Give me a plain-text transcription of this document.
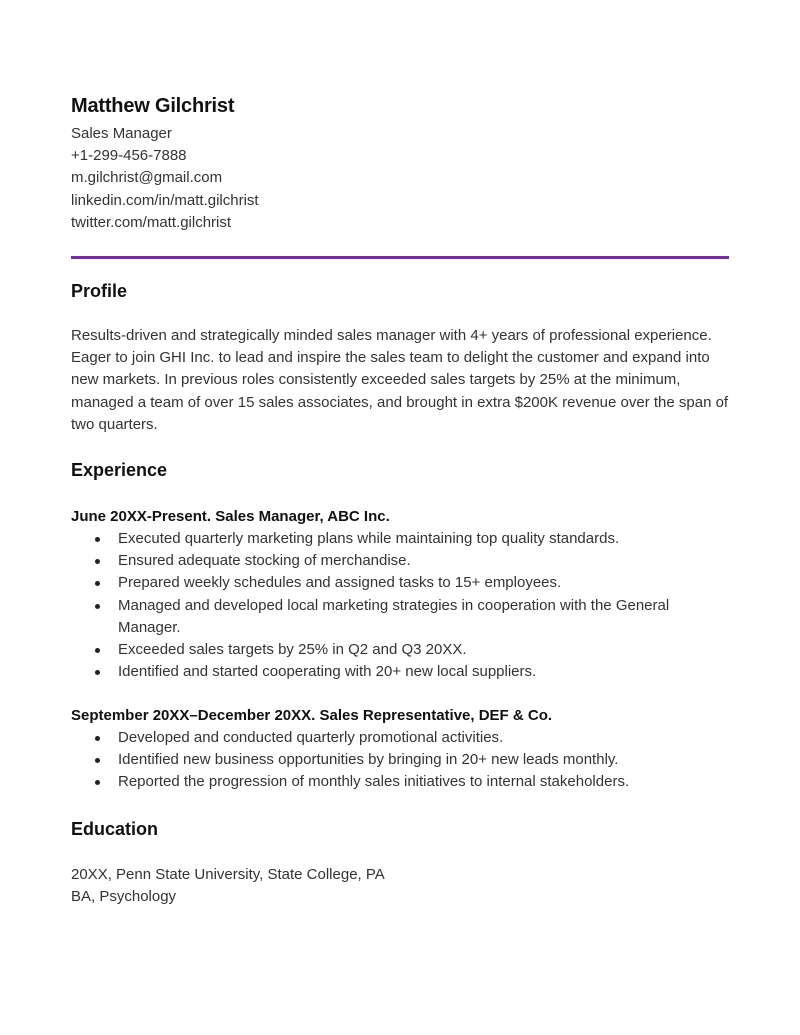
Matthew Gilchrist
Sales Manager
+1-299-456-7888
m.gilchrist@gmail.com
linkedin.com/in/matt.gilchrist
twitter.com/matt.gilchrist
Profile
Results-driven and strategically minded sales manager with 4+ years of professional experience. Eager to join GHI Inc. to lead and inspire the sales team to delight the customer and expand into new markets. In previous roles consistently exceeded sales targets by 25% at the minimum, managed a team of over 15 sales associates, and brought in extra $200K revenue over the span of two quarters.
Experience
June 20XX-Present. Sales Manager, ABC Inc.
Executed quarterly marketing plans while maintaining top quality standards.
Ensured adequate stocking of merchandise.
Prepared weekly schedules and assigned tasks to 15+ employees.
Managed and developed local marketing strategies in cooperation with the General Manager.
Exceeded sales targets by 25% in Q2 and Q3 20XX.
Identified and started cooperating with 20+ new local suppliers.
September 20XX–December 20XX. Sales Representative, DEF & Co.
Developed and conducted quarterly promotional activities.
Identified new business opportunities by bringing in 20+ new leads monthly.
Reported the progression of monthly sales initiatives to internal stakeholders.
Education
20XX, Penn State University, State College, PA
BA, Psychology
